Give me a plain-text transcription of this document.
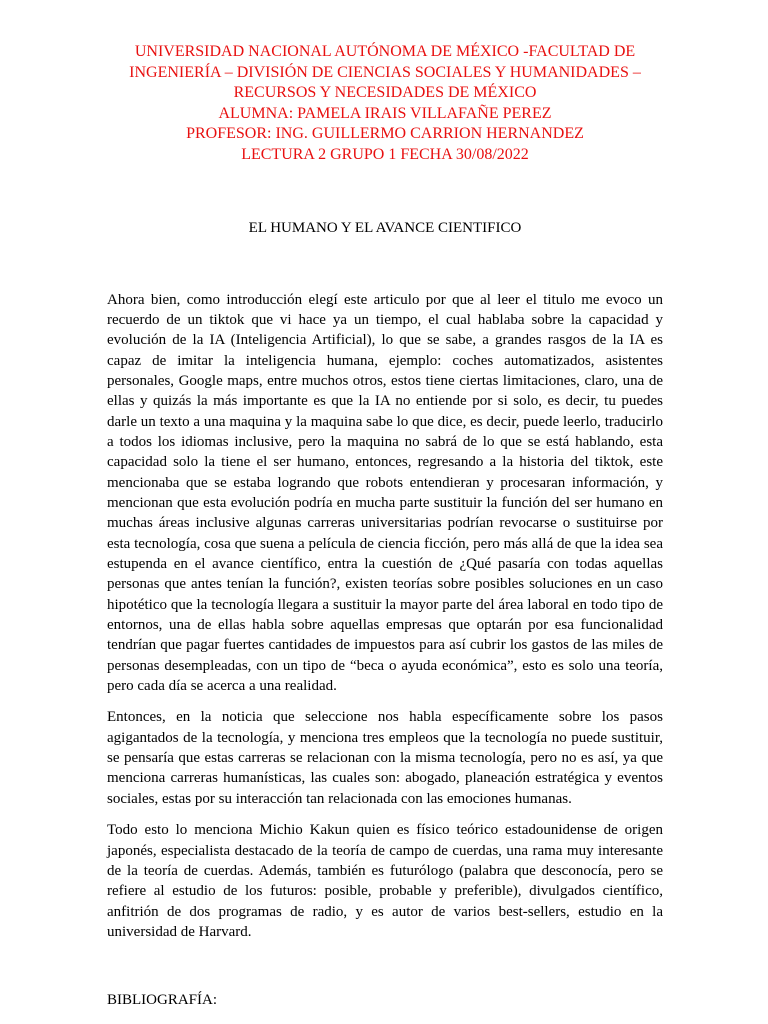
UNIVERSIDAD NACIONAL AUTÓNOMA DE MÉXICO -FACULTAD DE
INGENIERÍA – DIVISIÓN DE CIENCIAS SOCIALES Y HUMANIDADES –
RECURSOS Y NECESIDADES DE MÉXICO
ALUMNA: PAMELA IRAIS VILLAFAÑE PEREZ
PROFESOR: ING. GUILLERMO CARRION HERNANDEZ
LECTURA 2 GRUPO 1 FECHA 30/08/2022

EL HUMANO Y EL AVANCE CIENTIFICO

Ahora bien, como introducción elegí este articulo por que al leer el titulo me evoco un recuerdo de un tiktok que vi hace ya un tiempo, el cual hablaba sobre la capacidad y evolución de la IA (Inteligencia Artificial), lo que se sabe, a grandes rasgos de la IA es capaz de imitar la inteligencia humana, ejemplo: coches automatizados, asistentes personales, Google maps, entre muchos otros, estos tiene ciertas limitaciones, claro, una de ellas y quizás la más importante es que la IA no entiende por si solo, es decir, tu puedes darle un texto a una maquina y la maquina sabe lo que dice, es decir, puede leerlo, traducirlo a todos los idiomas inclusive, pero la maquina no sabrá de lo que se está hablando, esta capacidad solo la tiene el ser humano, entonces, regresando a la historia del tiktok, este mencionaba que se estaba logrando que robots entendieran y procesaran información, y mencionan que esta evolución podría en mucha parte sustituir la función del ser humano en muchas áreas inclusive algunas carreras universitarias podrían revocarse o sustituirse por esta tecnología, cosa que suena a película de ciencia ficción, pero más allá de que la idea sea estupenda en el avance científico, entra la cuestión de ¿Qué pasaría con todas aquellas personas que antes tenían la función?, existen teorías sobre posibles soluciones en un caso hipotético que la tecnología llegara a sustituir la mayor parte del área laboral en todo tipo de entornos, una de ellas habla sobre aquellas empresas que optarán por esa funcionalidad tendrían que pagar fuertes cantidades de impuestos para así cubrir los gastos de las miles de personas desempleadas, con un tipo de “beca o ayuda económica”, esto es solo una teoría, pero cada día se acerca a una realidad.

Entonces, en la noticia que seleccione nos habla específicamente sobre los pasos agigantados de la tecnología, y menciona tres empleos que la tecnología no puede sustituir, se pensaría que estas carreras se relacionan con la misma tecnología, pero no es así, ya que menciona carreras humanísticas, las cuales son: abogado, planeación estratégica y eventos sociales, estas por su interacción tan relacionada con las emociones humanas.

Todo esto lo menciona Michio Kakun quien es físico teórico estadounidense de origen japonés, especialista destacado de la teoría de campo de cuerdas, una rama muy interesante de la teoría de cuerdas. Además, también es futurólogo (palabra que desconocía, pero se refiere al estudio de los futuros: posible, probable y preferible), divulgados científico, anfitrión de dos programas de radio, y es autor de varios best-sellers, estudio en la universidad de Harvard.

BIBLIOGRAFÍA:
